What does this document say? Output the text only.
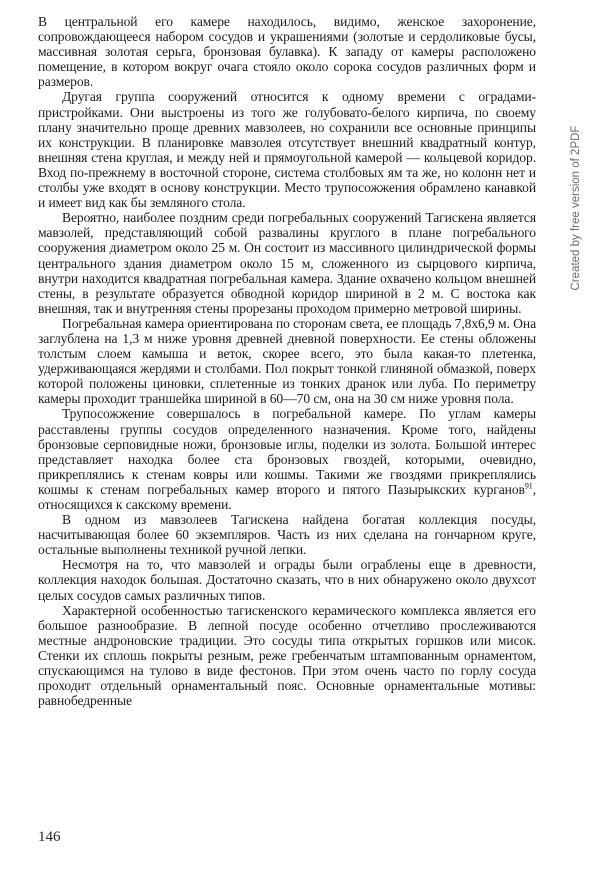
В центральной его камере находилось, видимо, женское захоронение, сопровождающееся набором сосудов и украшениями (золотые и сердоликовые бусы, массивная золотая серьга, бронзовая булавка). К западу от камеры расположено помещение, в котором вокруг очага стояло около сорока сосудов различных форм и размеров.

Другая группа сооружений относится к одному времени с оградами-пристройками. Они выстроены из того же голубовато-белого кирпича, по своему плану значительно проще древних мавзолеев, но сохранили все основные принципы их конструкции. В планировке мавзолея отсутствует внешний квадратный контур, внешняя стена круглая, и между ней и прямоугольной камерой — кольцевой коридор. Вход по-прежнему в восточной стороне, система столбовых ям та же, но колонн нет и столбы уже входят в основу конструкции. Место трупосожжения обрамлено канавкой и имеет вид как бы земляного стола.

Вероятно, наиболее поздним среди погребальных сооружений Тагискена является мавзолей, представляющий собой развалины круглого в плане погребального сооружения диаметром около 25 м. Он состоит из массивного цилиндрической формы центрального здания диаметром около 15 м, сложенного из сырцового кирпича, внутри находится квадратная погребальная камера. Здание охвачено кольцом внешней стены, в результате образуется обводной коридор шириной в 2 м. С востока как внешняя, так и внутренняя стены прорезаны проходом примерно метровой ширины.

Погребальная камера ориентирована по сторонам света, ее площадь 7,8х6,9 м. Она заглублена на 1,3 м ниже уровня древней дневной поверхности. Ее стены обложены толстым слоем камыша и веток, скорее всего, это была какая-то плетенка, удерживающаяся жердями и столбами. Пол покрыт тонкой глиняной обмазкой, поверх которой положены циновки, сплетенные из тонких дранок или луба. По периметру камеры проходит траншейка шириной в 60—70 см, она на 30 см ниже уровня пола.

Трупосожжение совершалось в погребальной камере. По углам камеры расставлены группы сосудов определенного назначения. Кроме того, найдены бронзовые серповидные ножи, бронзовые иглы, поделки из золота. Большой интерес представляет находка более ста бронзовых гвоздей, которыми, очевидно, прикреплялись к стенам ковры или кошмы. Такими же гвоздями прикреплялись кошмы к стенам погребальных камер второго и пятого Пазырыкских курганов$^{91}$, относящихся к сакскому времени.

В одном из мавзолеев Тагискена найдена богатая коллекция посуды, насчитывающая более 60 экземпляров. Часть из них сделана на гончарном круге, остальные выполнены техникой ручной лепки.

Несмотря на то, что мавзолей и ограды были ограблены еще в древности, коллекция находок большая. Достаточно сказать, что в них обнаружено около двухсот целых сосудов самых различных типов.

Характерной особенностью тагискенского керамического комплекса является его большое разнообразие. В лепной посуде особенно отчетливо прослеживаются местные андроновские традиции. Это сосуды типа открытых горшков или мисок. Стенки их сплошь покрыты резным, реже гребенчатым штампованным орнаментом, спускающимся на тулово в виде фестонов. При этом очень часто по горлу сосуда проходит отдельный орнаментальный пояс. Основные орнаментальные мотивы: равнобедренные

146
Created by free version of 2PDF
